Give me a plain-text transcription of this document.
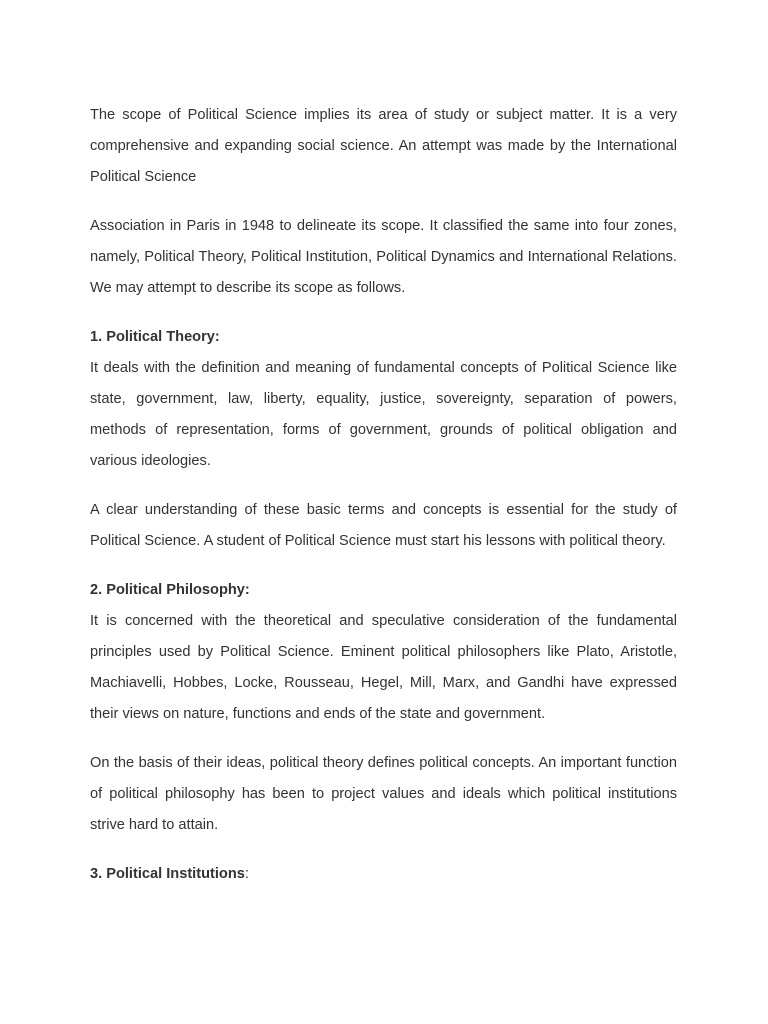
The scope of Political Science implies its area of study or subject matter. It is a very comprehensive and expanding social science. An attempt was made by the International Political Science

Association in Paris in 1948 to delineate its scope. It classified the same into four zones, namely, Political Theory, Political Institution, Political Dynamics and International Relations. We may attempt to describe its scope as follows.

1. Political Theory:

It deals with the definition and meaning of fundamental concepts of Political Science like state, government, law, liberty, equality, justice, sovereignty, separation of powers, methods of representation, forms of government, grounds of political obligation and various ideologies.

A clear understanding of these basic terms and concepts is essential for the study of Political Science. A student of Political Science must start his lessons with political theory.

2. Political Philosophy:

It is concerned with the theoretical and speculative consideration of the fundamental principles used by Political Science. Eminent political philosophers like Plato, Aristotle, Machiavelli, Hobbes, Locke, Rousseau, Hegel, Mill, Marx, and Gandhi have expressed their views on nature, functions and ends of the state and government.

On the basis of their ideas, political theory defines political concepts. An important function of political philosophy has been to project values and ideals which political institutions strive hard to attain.

3. Political Institutions:
